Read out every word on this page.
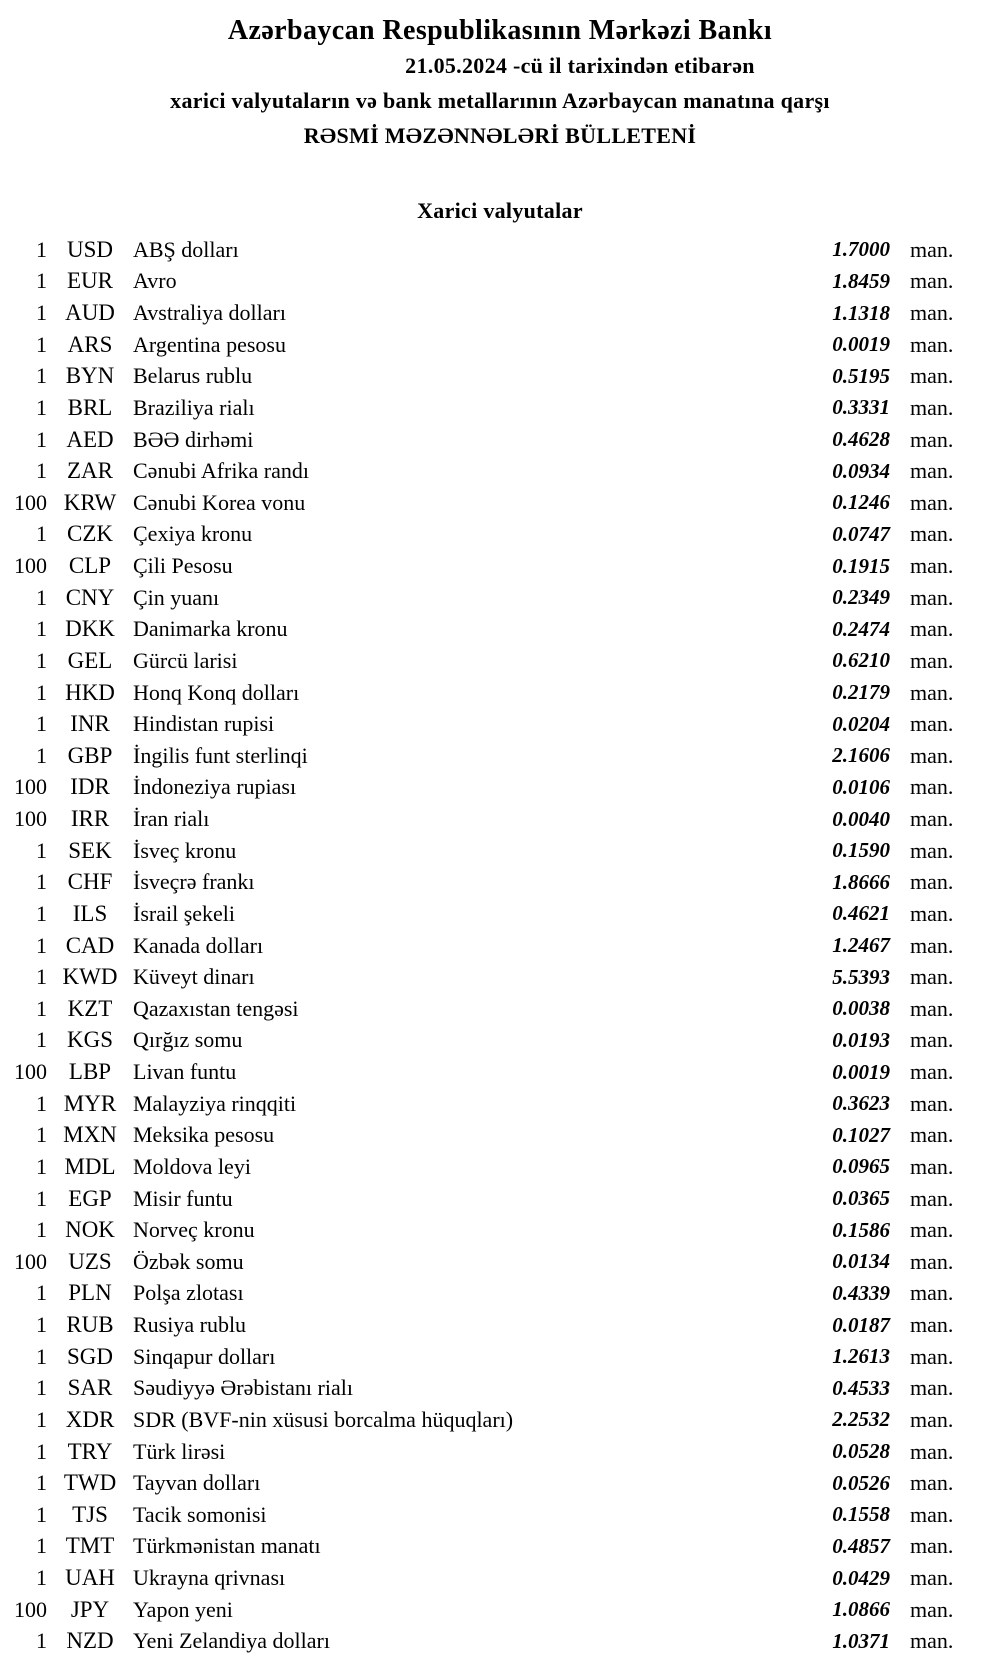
Azərbaycan Respublikasının Mərkəzi Bankı
21.05.2024 -cü il tarixindən etibarən
xarici valyutaların və bank metallarının Azərbaycan manatına qarşı
RƏSMİ MƏZƏNNƏLƏRİ BÜLLETENİ
Xarici valyutalar
1 USD ABŞ dolları	1.7000 man.
1 EUR Avro	1.8459 man.
1 AUD Avstraliya dolları	1.1318 man.
1 ARS Argentina pesosu	0.0019 man.
1 BYN Belarus rublu	0.5195 man.
1 BRL Braziliya rialı	0.3331 man.
1 AED BƏƏ dirhəmi	0.4628 man.
1 ZAR Cənubi Afrika randı	0.0934 man.
100 KRW Cənubi Korea vonu	0.1246 man.
1 CZK Çexiya kronu	0.0747 man.
100 CLP Çili Pesosu	0.1915 man.
1 CNY Çin yuanı	0.2349 man.
1 DKK Danimarka kronu	0.2474 man.
1 GEL Gürcü larisi	0.6210 man.
1 HKD Honq Konq dolları	0.2179 man.
1	INR	Hindistan rupisi	0.0204 man.
1 GBP İngilis funt sterlinqi	2.1606 man.
100	IDR	İndoneziya rupiası	0.0106 man.
100	IRR	İran rialı	0.0040 man.
1 SEK İsveç kronu	0.1590 man.
1 CHF İsveçrə frankı	1.8666 man.
1	ILS	İsrail şekeli	0.4621 man.
1 CAD Kanada dolları	1.2467 man.
1 KWD Küveyt dinarı	5.5393 man.
1 KZT Qazaxıstan tengəsi	0.0038 man.
1 KGS Qırğız somu	0.0193 man.
100 LBP Livan funtu	0.0019 man.
1 MYR Malayziya rinqqiti	0.3623 man.
1 MXN Meksika pesosu	0.1027 man.
1 MDL Moldova leyi	0.0965 man.
1 EGP Misir funtu	0.0365 man.
1 NOK Norveç kronu	0.1586 man.
100 UZS Özbək somu	0.0134 man.
1 PLN Polşa zlotası	0.4339 man.
1 RUB Rusiya rublu	0.0187 man.
1 SGD Sinqapur dolları	1.2613 man.
1 SAR Səudiyyə Ərəbistanı rialı	0.4533 man.
1 XDR SDR (BVF-nin xüsusi borcalma hüquqları)	2.2532 man.
1 TRY Türk lirəsi	0.0528 man.
1 TWD Tayvan dolları	0.0526 man.
1	TJS	Tacik somonisi	0.1558 man.
1 TMT Türkmənistan manatı	0.4857 man.
1 UAH Ukrayna qrivnası	0.0429 man.
100	JPY	Yapon yeni	1.0866 man.
1 NZD Yeni Zelandiya dolları	1.0371 man.
